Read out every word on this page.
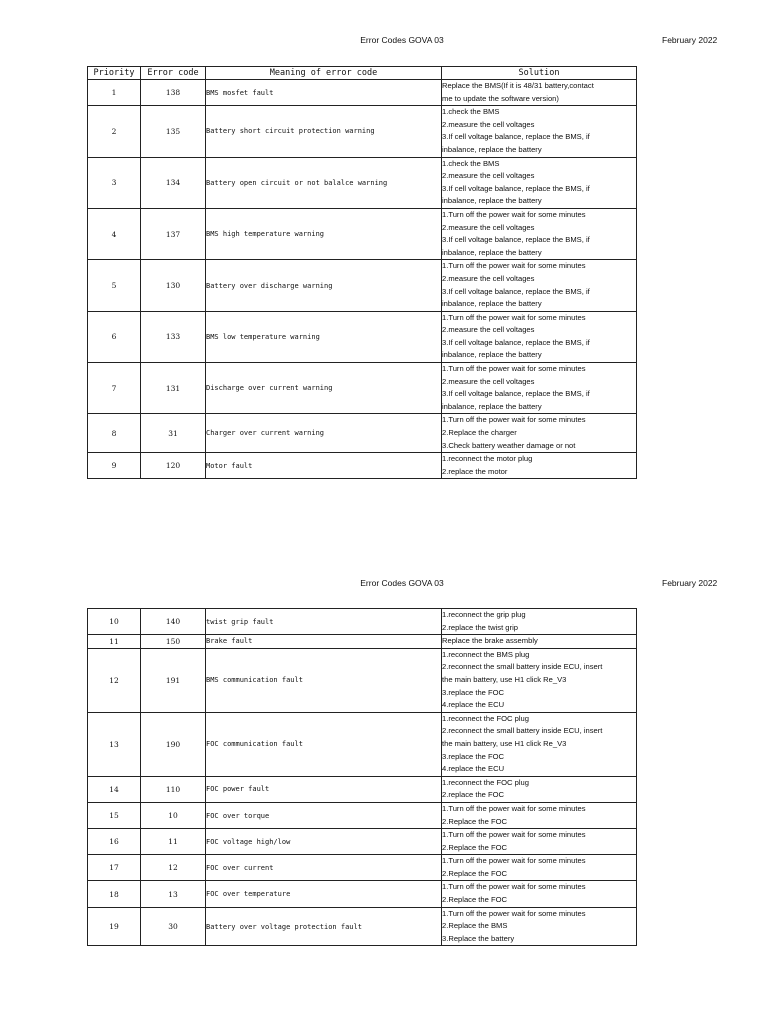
Error Codes GOVA 03	February 2022
Priority	Error code	Meaning of error code	Solution
1	138	BMS mosfet fault	Replace the BMS(If it is 48/31 battery,contact
me to update the software version)

2	135	Battery short circuit protection warning	1.check the BMS
2.measure the cell voltages
3.If cell voltage balance, replace the BMS, if
inbalance, replace the battery

3	134	Battery open circuit or not balalce warning	1.check the BMS
2.measure the cell voltages
3.If cell voltage balance, replace the BMS, if
inbalance, replace the battery

4	137	BMS high temperature warning	1.Turn off the power wait for some minutes
2.measure the cell voltages
3.If cell voltage balance, replace the BMS, if
inbalance, replace the battery

5	130	Battery over discharge warning	1.Turn off the power wait for some minutes
2.measure the cell voltages
3.If cell voltage balance, replace the BMS, if
inbalance, replace the battery

6	133	BMS low temperature warning	1.Turn off the power wait for some minutes
2.measure the cell voltages
3.If cell voltage balance, replace the BMS, if
inbalance, replace the battery

7	131	Discharge over current warning	1.Turn off the power wait for some minutes
2.measure the cell voltages
3.If cell voltage balance, replace the BMS, if
inbalance, replace the battery

8	31	Charger over current warning	1.Turn off the power wait for some minutes
2.Replace the charger
3.Check battery weather damage or not

9	120	Motor fault	1.reconnect the motor plug
2.replace the motor
Error Codes GOVA 03	February 2022
10	140	twist grip fault	1.reconnect the grip plug
2.replace the twist grip

11	150	Brake fault	Replace the brake assembly

12	191	BMS communication fault	1.reconnect the BMS plug
2.reconnect the small battery inside ECU, insert
the main battery, use H1 click Re_V3
3.replace the FOC
4.replace the ECU

13	190	FOC communication fault	1.reconnect the FOC plug
2.reconnect the small battery inside ECU, insert
the main battery, use H1 click Re_V3
3.replace the FOC
4.replace the ECU

14	110	FOC power fault	1.reconnect the FOC plug
2.replace the FOC

15	10	FOC over torque	1.Turn off the power wait for some minutes
2.Replace the FOC

16	11	FOC voltage high/low	1.Turn off the power wait for some minutes
2.Replace the FOC

17	12	FOC over current	1.Turn off the power wait for some minutes
2.Replace the FOC

18	13	FOC over temperature	1.Turn off the power wait for some minutes
2.Replace the FOC

19	30	Battery over voltage protection fault	1.Turn off the power wait for some minutes
2.Replace the BMS
3.Replace the battery
